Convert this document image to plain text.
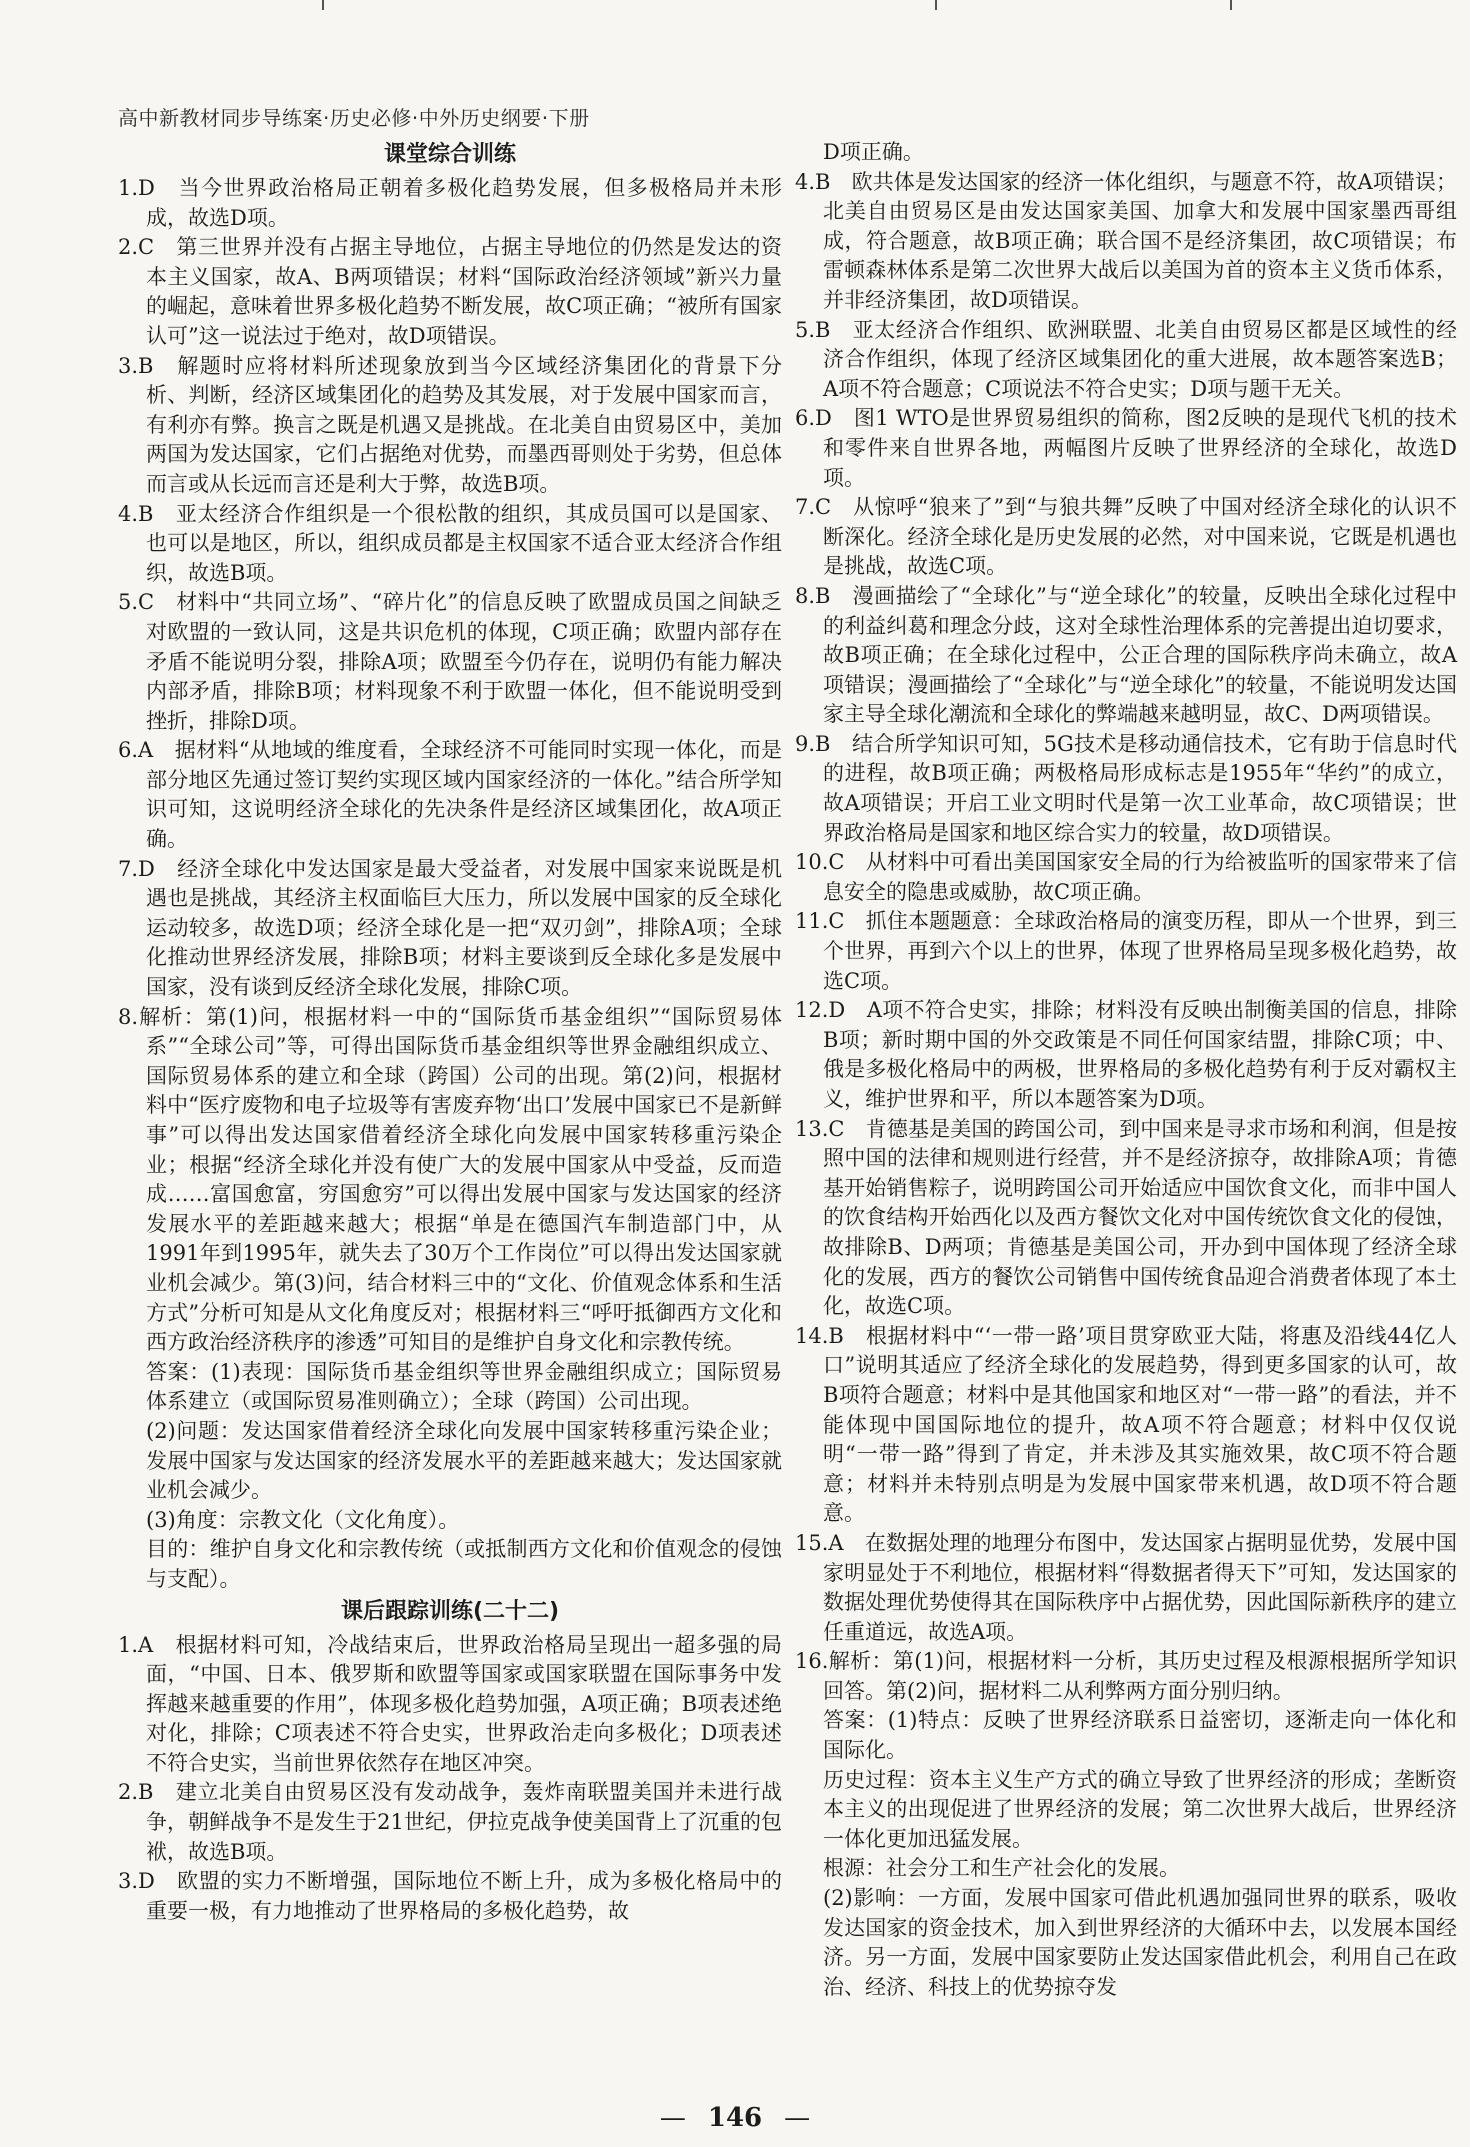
高中新教材同步导练案·历史必修·中外历史纲要·下册
课堂综合训练

1.D　当今世界政治格局正朝着多极化趋势发展，但多极格局并未形成，故选D项。

2.C　第三世界并没有占据主导地位，占据主导地位的仍然是发达的资本主义国家，故A、B两项错误；材料“国际政治经济领域”新兴力量的崛起，意味着世界多极化趋势不断发展，故C项正确；“被所有国家认可”这一说法过于绝对，故D项错误。

3.B　解题时应将材料所述现象放到当今区域经济集团化的背景下分析、判断，经济区域集团化的趋势及其发展，对于发展中国家而言，有利亦有弊。换言之既是机遇又是挑战。在北美自由贸易区中，美加两国为发达国家，它们占据绝对优势，而墨西哥则处于劣势，但总体而言或从长远而言还是利大于弊，故选B项。

4.B　亚太经济合作组织是一个很松散的组织，其成员国可以是国家、也可以是地区，所以，组织成员都是主权国家不适合亚太经济合作组织，故选B项。

5.C　材料中“共同立场”、“碎片化”的信息反映了欧盟成员国之间缺乏对欧盟的一致认同，这是共识危机的体现，C项正确；欧盟内部存在矛盾不能说明分裂，排除A项；欧盟至今仍存在，说明仍有能力解决内部矛盾，排除B项；材料现象不利于欧盟一体化，但不能说明受到挫折，排除D项。

6.A　据材料“从地域的维度看，全球经济不可能同时实现一体化，而是部分地区先通过签订契约实现区域内国家经济的一体化。”结合所学知识可知，这说明经济全球化的先决条件是经济区域集团化，故A项正确。

7.D　经济全球化中发达国家是最大受益者，对发展中国家来说既是机遇也是挑战，其经济主权面临巨大压力，所以发展中国家的反全球化运动较多，故选D项；经济全球化是一把“双刃剑”，排除A项；全球化推动世界经济发展，排除B项；材料主要谈到反全球化多是发展中国家，没有谈到反经济全球化发展，排除C项。

8.解析：第(1)问，根据材料一中的“国际货币基金组织”“国际贸易体系”“全球公司”等，可得出国际货币基金组织等世界金融组织成立、国际贸易体系的建立和全球（跨国）公司的出现。第(2)问，根据材料中“医疗废物和电子垃圾等有害废弃物‘出口’发展中国家已不是新鲜事”可以得出发达国家借着经济全球化向发展中国家转移重污染企业；根据“经济全球化并没有使广大的发展中国家从中受益，反而造成……富国愈富，穷国愈穷”可以得出发展中国家与发达国家的经济发展水平的差距越来越大；根据“单是在德国汽车制造部门中，从1991年到1995年，就失去了30万个工作岗位”可以得出发达国家就业机会减少。第(3)问，结合材料三中的“文化、价值观念体系和生活方式”分析可知是从文化角度反对；根据材料三“呼吁抵御西方文化和西方政治经济秩序的渗透”可知目的是维护自身文化和宗教传统。

答案：(1)表现：国际货币基金组织等世界金融组织成立；国际贸易体系建立（或国际贸易准则确立）；全球（跨国）公司出现。

(2)问题：发达国家借着经济全球化向发展中国家转移重污染企业；发展中国家与发达国家的经济发展水平的差距越来越大；发达国家就业机会减少。

(3)角度：宗教文化（文化角度）。

目的：维护自身文化和宗教传统（或抵制西方文化和价值观念的侵蚀与支配）。

课后跟踪训练(二十二)

1.A　根据材料可知，冷战结束后，世界政治格局呈现出一超多强的局面，“中国、日本、俄罗斯和欧盟等国家或国家联盟在国际事务中发挥越来越重要的作用”，体现多极化趋势加强，A项正确；B项表述绝对化，排除；C项表述不符合史实，世界政治走向多极化；D项表述不符合史实，当前世界依然存在地区冲突。

2.B　建立北美自由贸易区没有发动战争，轰炸南联盟美国并未进行战争，朝鲜战争不是发生于21世纪，伊拉克战争使美国背上了沉重的包袱，故选B项。

3.D　欧盟的实力不断增强，国际地位不断上升，成为多极化格局中的重要一极，有力地推动了世界格局的多极化趋势，故

D项正确。

4.B　欧共体是发达国家的经济一体化组织，与题意不符，故A项错误；北美自由贸易区是由发达国家美国、加拿大和发展中国家墨西哥组成，符合题意，故B项正确；联合国不是经济集团，故C项错误；布雷顿森林体系是第二次世界大战后以美国为首的资本主义货币体系，并非经济集团，故D项错误。

5.B　亚太经济合作组织、欧洲联盟、北美自由贸易区都是区域性的经济合作组织，体现了经济区域集团化的重大进展，故本题答案选B；A项不符合题意；C项说法不符合史实；D项与题干无关。

6.D　图1 WTO是世界贸易组织的简称，图2反映的是现代飞机的技术和零件来自世界各地，两幅图片反映了世界经济的全球化，故选D项。

7.C　从惊呼“狼来了”到“与狼共舞”反映了中国对经济全球化的认识不断深化。经济全球化是历史发展的必然，对中国来说，它既是机遇也是挑战，故选C项。

8.B　漫画描绘了“全球化”与“逆全球化”的较量，反映出全球化过程中的利益纠葛和理念分歧，这对全球性治理体系的完善提出迫切要求，故B项正确；在全球化过程中，公正合理的国际秩序尚未确立，故A项错误；漫画描绘了“全球化”与“逆全球化”的较量，不能说明发达国家主导全球化潮流和全球化的弊端越来越明显，故C、D两项错误。

9.B　结合所学知识可知，5G技术是移动通信技术，它有助于信息时代的进程，故B项正确；两极格局形成标志是1955年“华约”的成立，故A项错误；开启工业文明时代是第一次工业革命，故C项错误；世界政治格局是国家和地区综合实力的较量，故D项错误。

10.C　从材料中可看出美国国家安全局的行为给被监听的国家带来了信息安全的隐患或威胁，故C项正确。

11.C　抓住本题题意：全球政治格局的演变历程，即从一个世界，到三个世界，再到六个以上的世界，体现了世界格局呈现多极化趋势，故选C项。

12.D　A项不符合史实，排除；材料没有反映出制衡美国的信息，排除B项；新时期中国的外交政策是不同任何国家结盟，排除C项；中、俄是多极化格局中的两极，世界格局的多极化趋势有利于反对霸权主义，维护世界和平，所以本题答案为D项。

13.C　肯德基是美国的跨国公司，到中国来是寻求市场和利润，但是按照中国的法律和规则进行经营，并不是经济掠夺，故排除A项；肯德基开始销售粽子，说明跨国公司开始适应中国饮食文化，而非中国人的饮食结构开始西化以及西方餐饮文化对中国传统饮食文化的侵蚀，故排除B、D两项；肯德基是美国公司，开办到中国体现了经济全球化的发展，西方的餐饮公司销售中国传统食品迎合消费者体现了本土化，故选C项。

14.B　根据材料中“‘一带一路’项目贯穿欧亚大陆，将惠及沿线44亿人口”说明其适应了经济全球化的发展趋势，得到更多国家的认可，故B项符合题意；材料中是其他国家和地区对“一带一路”的看法，并不能体现中国国际地位的提升，故A项不符合题意；材料中仅仅说明“一带一路”得到了肯定，并未涉及其实施效果，故C项不符合题意；材料并未特别点明是为发展中国家带来机遇，故D项不符合题意。

15.A　在数据处理的地理分布图中，发达国家占据明显优势，发展中国家明显处于不利地位，根据材料“得数据者得天下”可知，发达国家的数据处理优势使得其在国际秩序中占据优势，因此国际新秩序的建立任重道远，故选A项。

16.解析：第(1)问，根据材料一分析，其历史过程及根源根据所学知识回答。第(2)问，据材料二从利弊两方面分别归纳。

答案：(1)特点：反映了世界经济联系日益密切，逐渐走向一体化和国际化。

历史过程：资本主义生产方式的确立导致了世界经济的形成；垄断资本主义的出现促进了世界经济的发展；第二次世界大战后，世界经济一体化更加迅猛发展。

根源：社会分工和生产社会化的发展。

(2)影响：一方面，发展中国家可借此机遇加强同世界的联系，吸收发达国家的资金技术，加入到世界经济的大循环中去，以发展本国经济。另一方面，发展中国家要防止发达国家借此机会，利用自己在政治、经济、科技上的优势掠夺发

— 146 —
